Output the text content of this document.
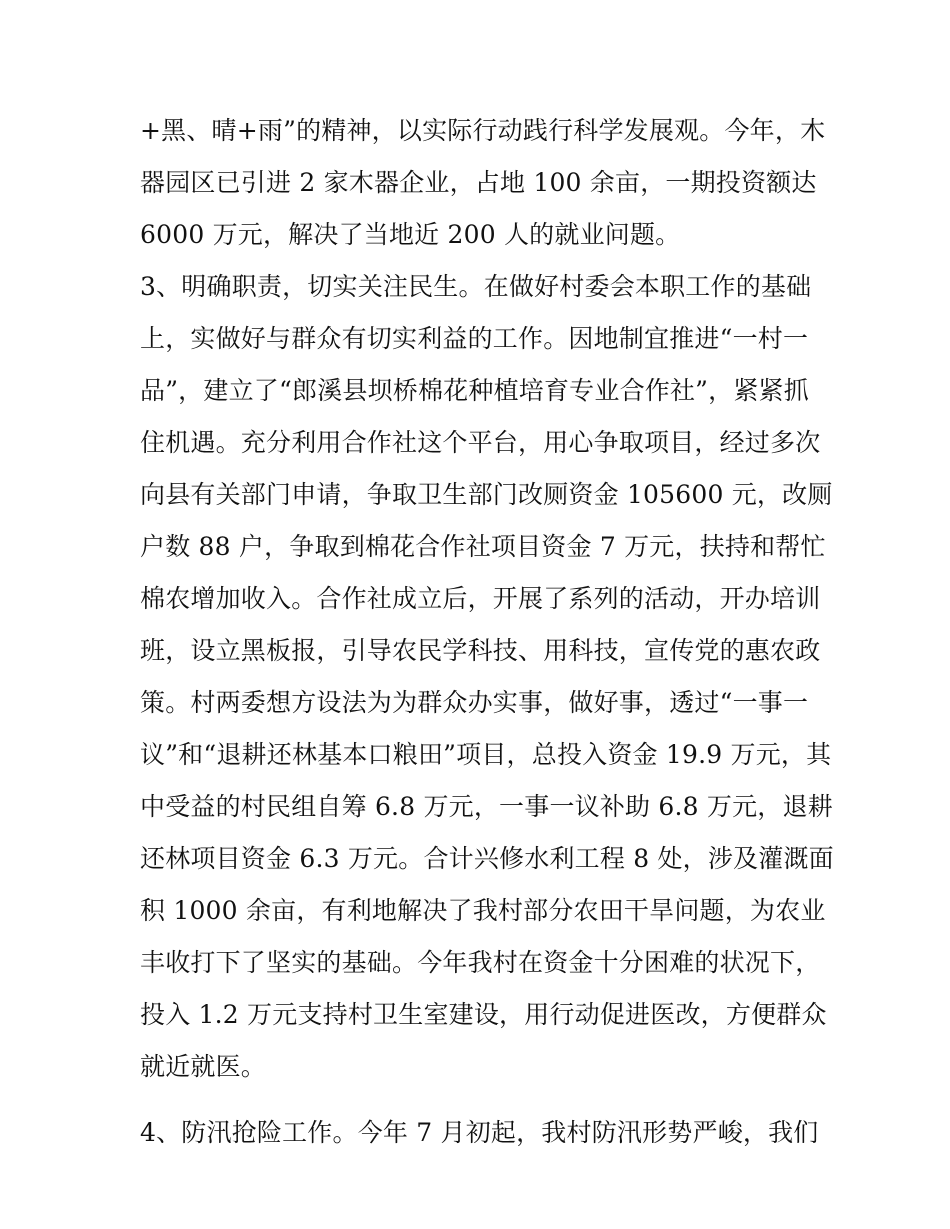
+黑、晴+雨”的精神，以实际行动践行科学发展观。今年，木
器园区已引进 2 家木器企业，占地 100 余亩，一期投资额达
6000 万元，解决了当地近 200 人的就业问题。
3、明确职责，切实关注民生。在做好村委会本职工作的基础
上，实做好与群众有切实利益的工作。因地制宜推进“一村一
品”，建立了“郎溪县坝桥棉花种植培育专业合作社”，紧紧抓
住机遇。充分利用合作社这个平台，用心争取项目，经过多次
向县有关部门申请，争取卫生部门改厕资金 105600 元，改厕
户数 88 户，争取到棉花合作社项目资金 7 万元，扶持和帮忙
棉农增加收入。合作社成立后，开展了系列的活动，开办培训
班，设立黑板报，引导农民学科技、用科技，宣传党的惠农政
策。村两委想方设法为为群众办实事，做好事，透过“一事一
议”和“退耕还林基本口粮田”项目，总投入资金 19.9 万元，其
中受益的村民组自筹 6.8 万元，一事一议补助 6.8 万元，退耕
还林项目资金 6.3 万元。合计兴修水利工程 8 处，涉及灌溉面
积 1000 余亩，有利地解决了我村部分农田干旱问题，为农业
丰收打下了坚实的基础。今年我村在资金十分困难的状况下，
投入 1.2 万元支持村卫生室建设，用行动促进医改，方便群众
就近就医。
4、防汛抢险工作。今年 7 月初起，我村防汛形势严峻，我们
